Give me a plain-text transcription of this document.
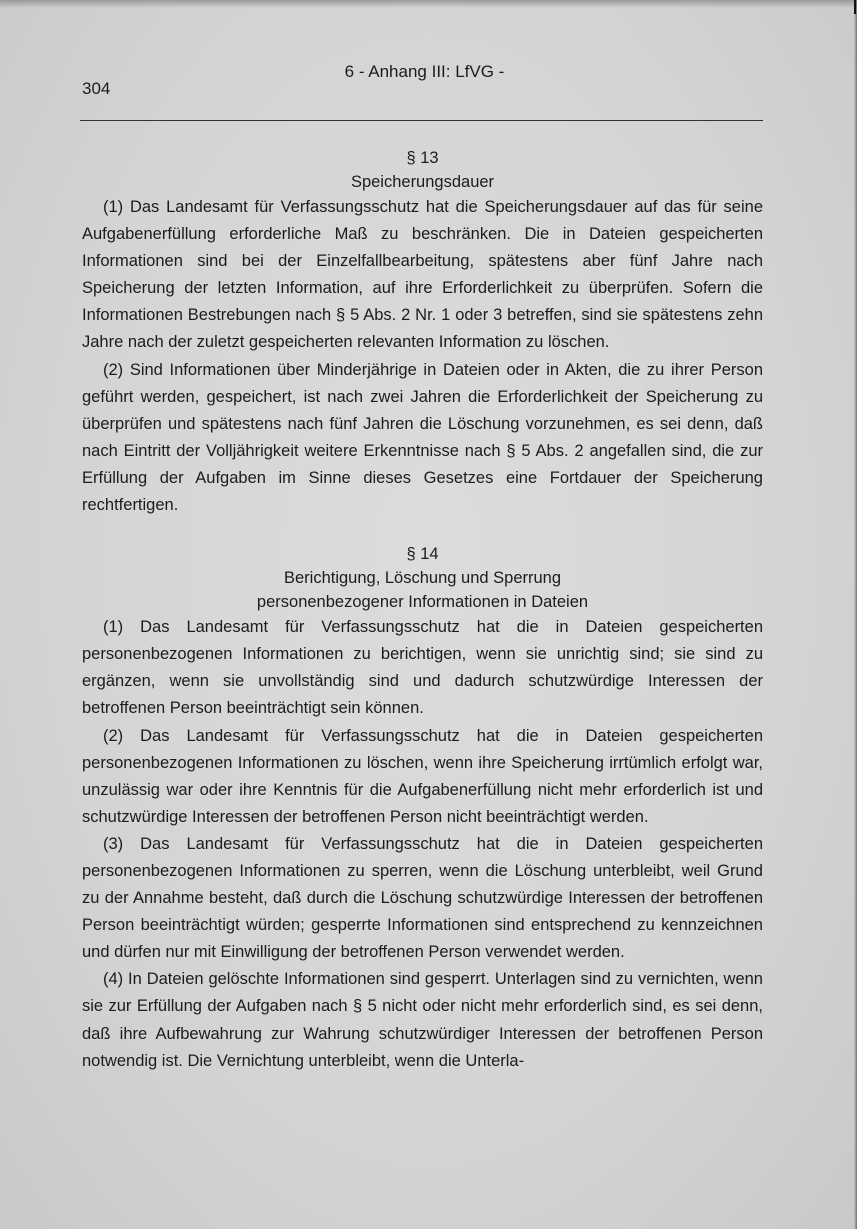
304
6 - Anhang III: LfVG -
§ 13
Speicherungsdauer

(1) Das Landesamt für Verfassungsschutz hat die Speicherungsdauer auf das für seine Aufgabenerfüllung erforderliche Maß zu beschränken. Die in Dateien gespeicherten Informationen sind bei der Einzelfallbearbeitung, spätestens aber fünf Jahre nach Speicherung der letzten Information, auf ihre Erforderlichkeit zu überprüfen. Sofern die Informationen Bestrebungen nach § 5 Abs. 2 Nr. 1 oder 3 betreffen, sind sie spätestens zehn Jahre nach der zuletzt gespeicherten relevanten Information zu löschen.

(2) Sind Informationen über Minderjährige in Dateien oder in Akten, die zu ihrer Person geführt werden, gespeichert, ist nach zwei Jahren die Erforderlichkeit der Speicherung zu überprüfen und spätestens nach fünf Jahren die Löschung vorzunehmen, es sei denn, daß nach Eintritt der Volljährigkeit weitere Erkenntnisse nach § 5 Abs. 2 angefallen sind, die zur Erfüllung der Aufgaben im Sinne dieses Gesetzes eine Fortdauer der Speicherung rechtfertigen.

§ 14
Berichtigung, Löschung und Sperrung
personenbezogener Informationen in Dateien

(1) Das Landesamt für Verfassungsschutz hat die in Dateien gespeicherten personenbezogenen Informationen zu berichtigen, wenn sie unrichtig sind; sie sind zu ergänzen, wenn sie unvollständig sind und dadurch schutzwürdige Interessen der betroffenen Person beeinträchtigt sein können.

(2) Das Landesamt für Verfassungsschutz hat die in Dateien gespeicherten personenbezogenen Informationen zu löschen, wenn ihre Speicherung irrtümlich erfolgt war, unzulässig war oder ihre Kenntnis für die Aufgabenerfüllung nicht mehr erforderlich ist und schutzwürdige Interessen der betroffenen Person nicht beeinträchtigt werden.

(3) Das Landesamt für Verfassungsschutz hat die in Dateien gespeicherten personenbezogenen Informationen zu sperren, wenn die Löschung unterbleibt, weil Grund zu der Annahme besteht, daß durch die Löschung schutzwürdige Interessen der betroffenen Person beeinträchtigt würden; gesperrte Informationen sind entsprechend zu kennzeichnen und dürfen nur mit Einwilligung der betroffenen Person verwendet werden.

(4) In Dateien gelöschte Informationen sind gesperrt. Unterlagen sind zu vernichten, wenn sie zur Erfüllung der Aufgaben nach § 5 nicht oder nicht mehr erforderlich sind, es sei denn, daß ihre Aufbewahrung zur Wahrung schutzwürdiger Interessen der betroffenen Person notwendig ist. Die Vernichtung unterbleibt, wenn die Unterla-
